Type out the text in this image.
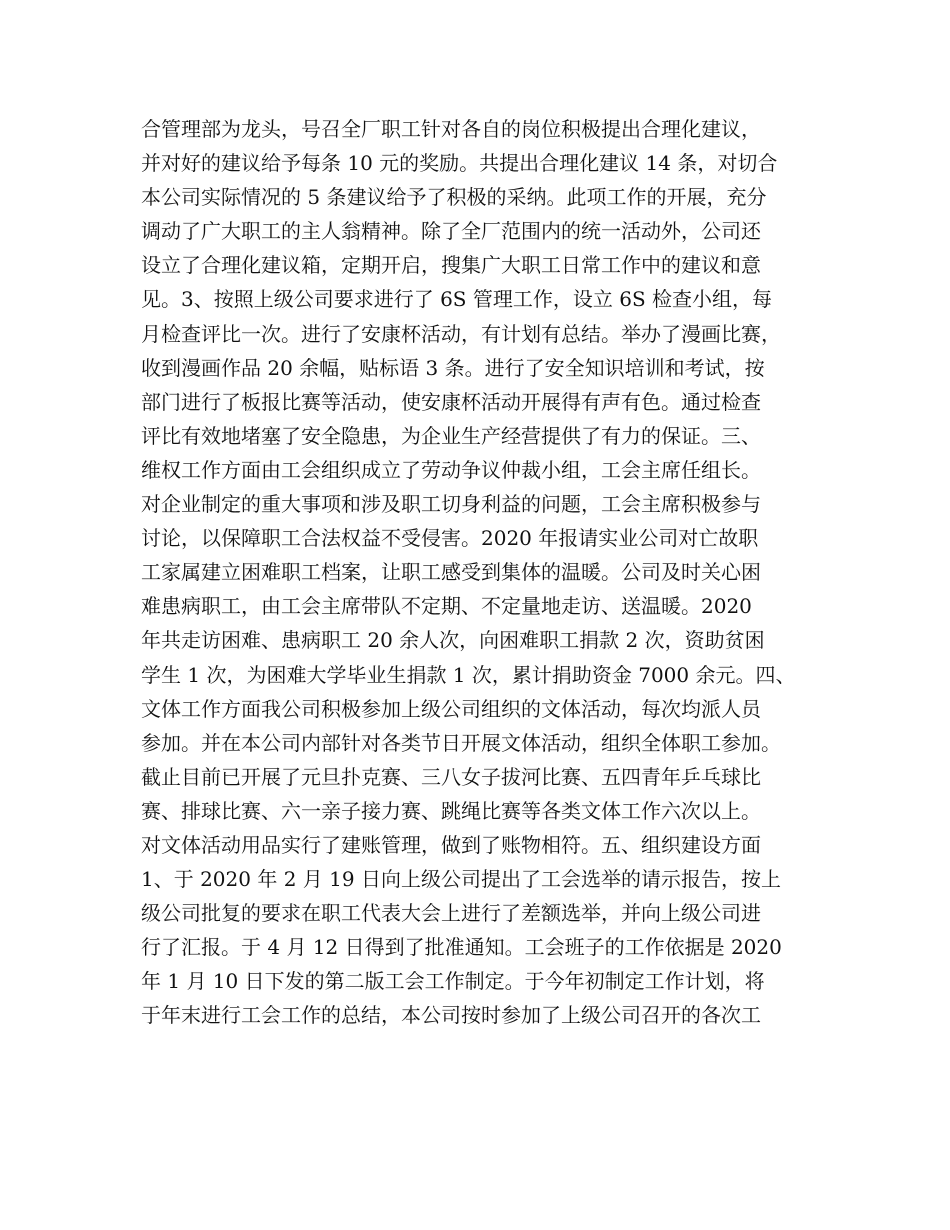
合管理部为龙头，号召全厂职工针对各自的岗位积极提出合理化建议，
并对好的建议给予每条 10 元的奖励。共提出合理化建议 14 条，对切合
本公司实际情况的 5 条建议给予了积极的采纳。此项工作的开展，充分
调动了广大职工的主人翁精神。除了全厂范围内的统一活动外，公司还
设立了合理化建议箱，定期开启，搜集广大职工日常工作中的建议和意
见。3、按照上级公司要求进行了 6S 管理工作，设立 6S 检查小组，每
月检查评比一次。进行了安康杯活动，有计划有总结。举办了漫画比赛，
收到漫画作品 20 余幅，贴标语 3 条。进行了安全知识培训和考试，按
部门进行了板报比赛等活动，使安康杯活动开展得有声有色。通过检查
评比有效地堵塞了安全隐患，为企业生产经营提供了有力的保证。三、
维权工作方面由工会组织成立了劳动争议仲裁小组，工会主席任组长。
对企业制定的重大事项和涉及职工切身利益的问题，工会主席积极参与
讨论，以保障职工合法权益不受侵害。2020 年报请实业公司对亡故职
工家属建立困难职工档案，让职工感受到集体的温暖。公司及时关心困
难患病职工，由工会主席带队不定期、不定量地走访、送温暖。2020
年共走访困难、患病职工 20 余人次，向困难职工捐款 2 次，资助贫困
学生 1 次，为困难大学毕业生捐款 1 次，累计捐助资金 7000 余元。四、
文体工作方面我公司积极参加上级公司组织的文体活动，每次均派人员
参加。并在本公司内部针对各类节日开展文体活动，组织全体职工参加。
截止目前已开展了元旦扑克赛、三八女子拔河比赛、五四青年乒乓球比
赛、排球比赛、六一亲子接力赛、跳绳比赛等各类文体工作六次以上。
对文体活动用品实行了建账管理，做到了账物相符。五、组织建设方面
1、于 2020 年 2 月 19 日向上级公司提出了工会选举的请示报告，按上
级公司批复的要求在职工代表大会上进行了差额选举，并向上级公司进
行了汇报。于 4 月 12 日得到了批准通知。工会班子的工作依据是 2020
年 1 月 10 日下发的第二版工会工作制定。于今年初制定工作计划，将
于年末进行工会工作的总结，本公司按时参加了上级公司召开的各次工
